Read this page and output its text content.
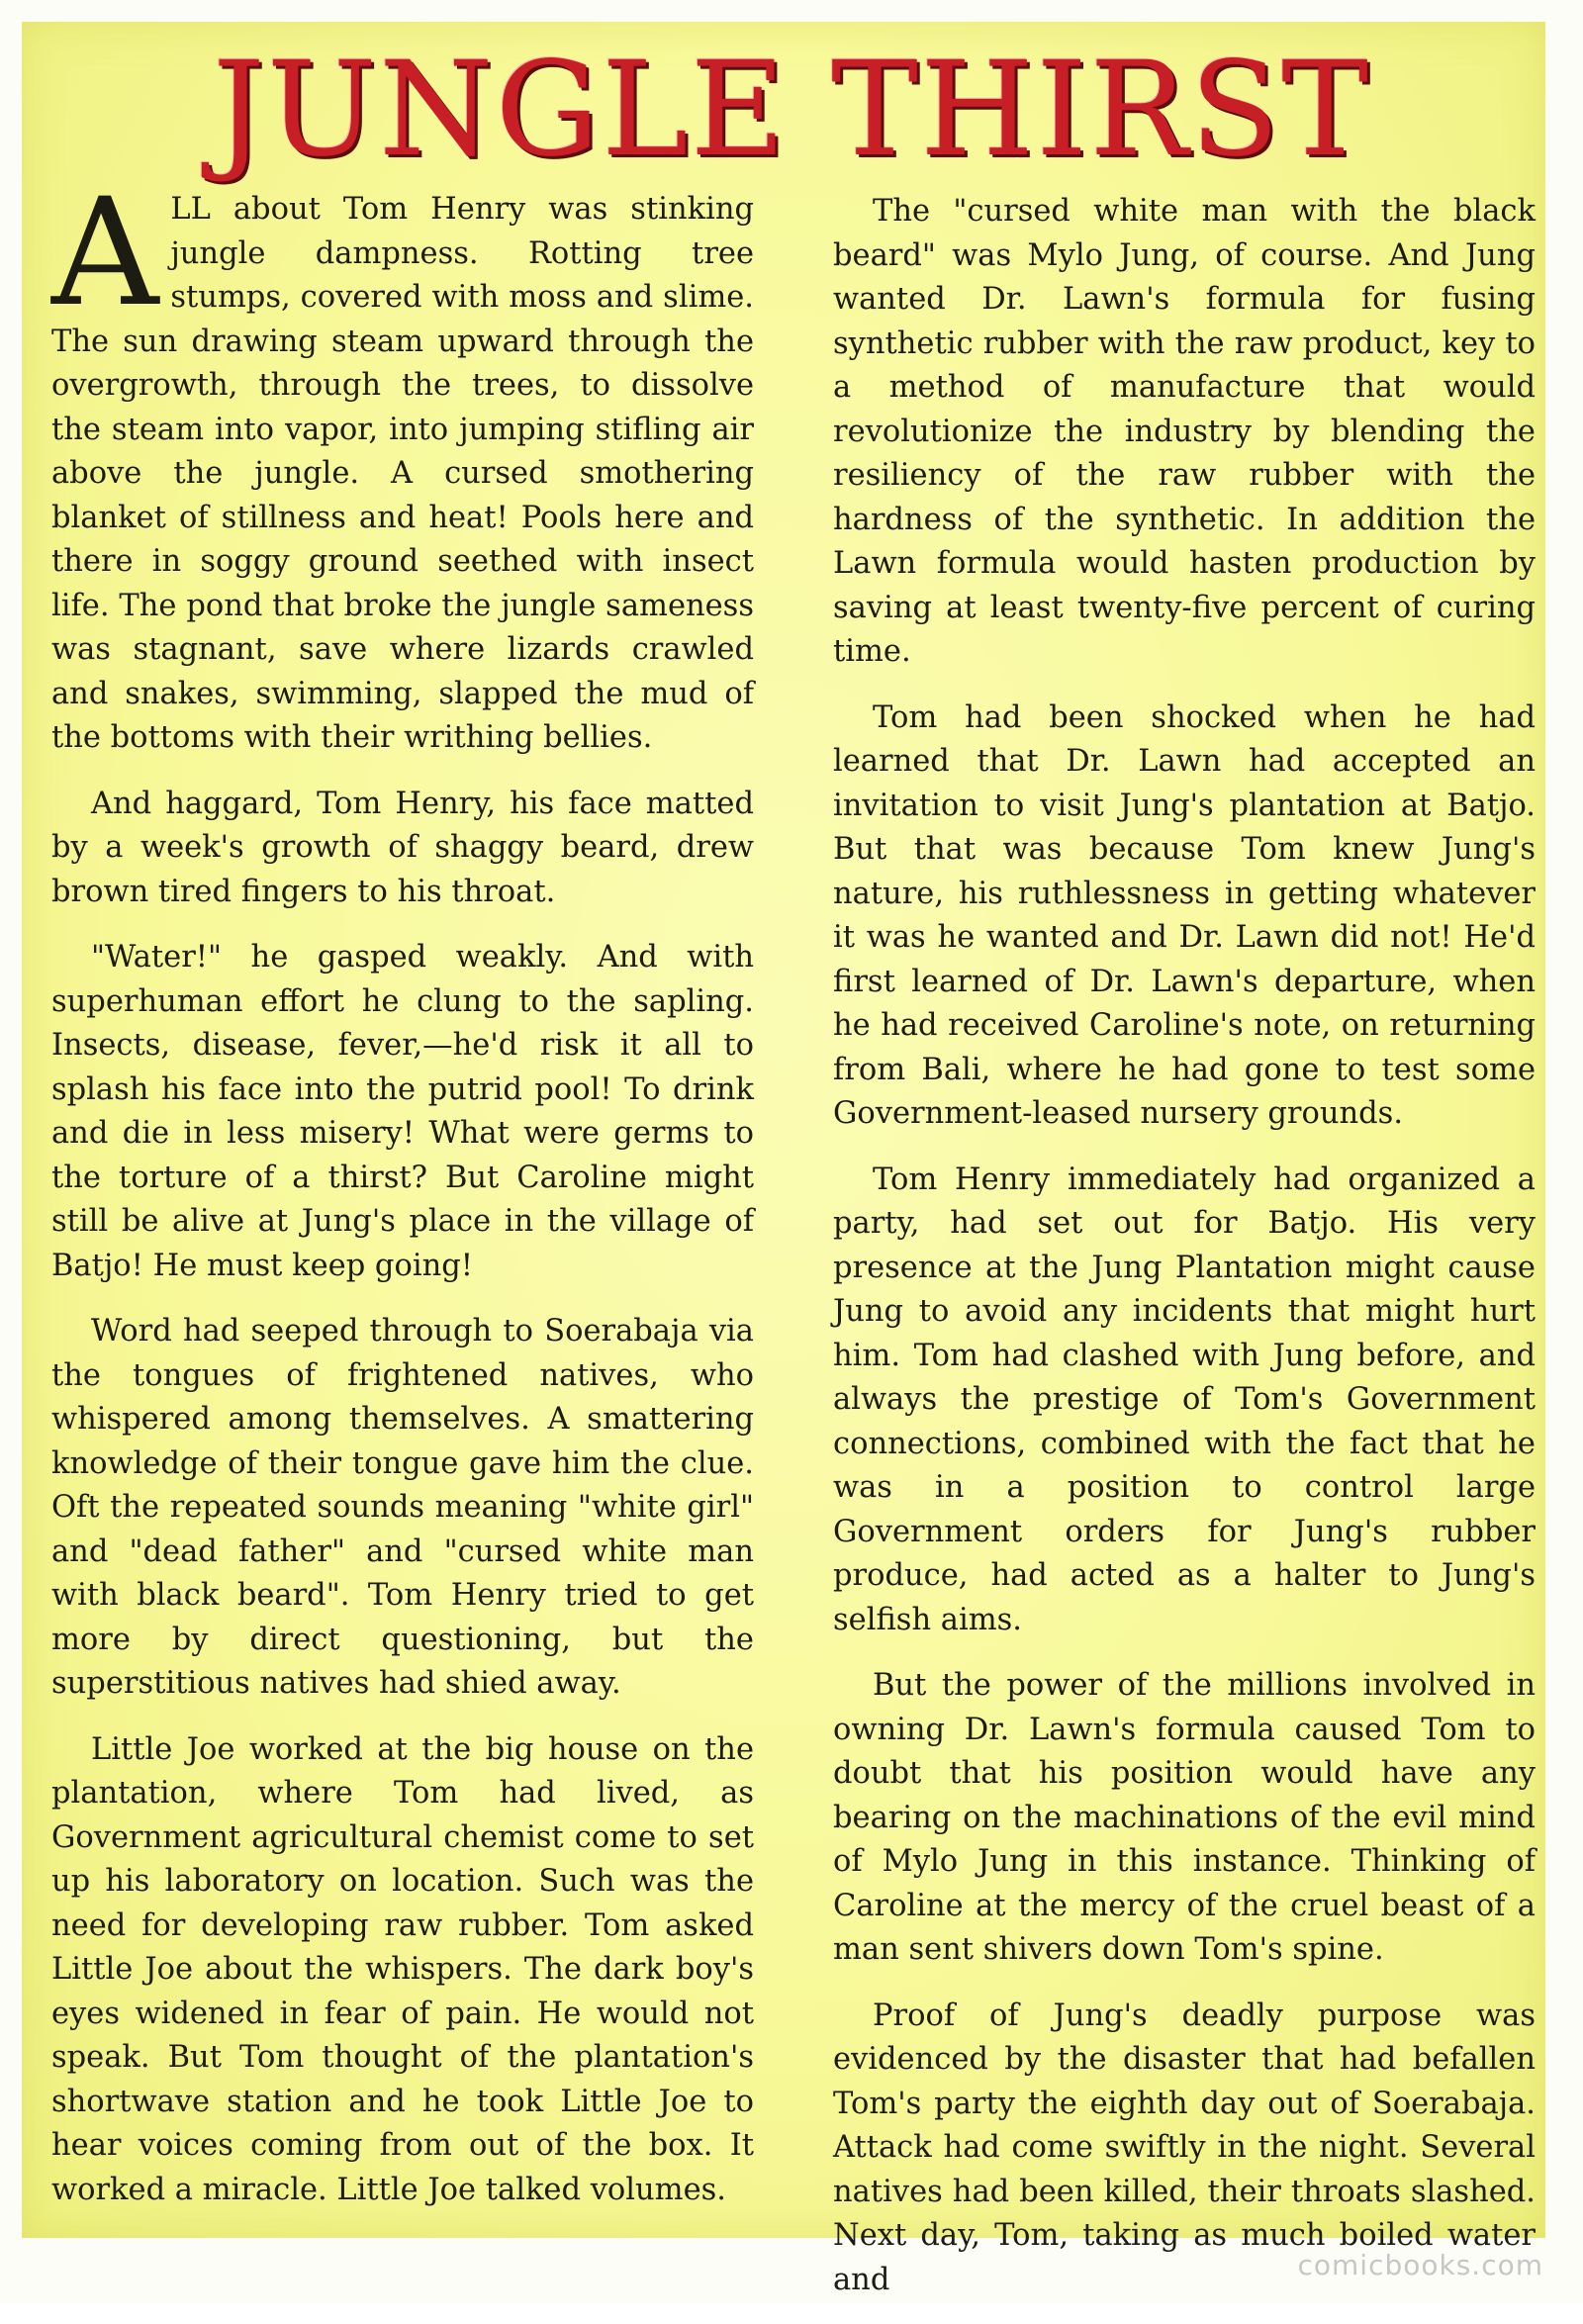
JUNGLE THIRST

ALL about Tom Henry was stinking jungle dampness. Rotting tree stumps, covered with moss and slime. The sun drawing steam upward through the overgrowth, through the trees, to dissolve the steam into vapor, into jumping stifling air above the jungle. A cursed smothering blanket of stillness and heat! Pools here and there in soggy ground seethed with insect life. The pond that broke the jungle sameness was stagnant, save where lizards crawled and snakes, swimming, slapped the mud of the bottoms with their writhing bellies.

And haggard, Tom Henry, his face matted by a week's growth of shaggy beard, drew brown tired fingers to his throat.

"Water!" he gasped weakly. And with superhuman effort he clung to the sapling. Insects, disease, fever,—he'd risk it all to splash his face into the putrid pool! To drink and die in less misery! What were germs to the torture of a thirst? But Caroline might still be alive at Jung's place in the village of Batjo! He must keep going!

Word had seeped through to Soerabaja via the tongues of frightened natives, who whispered among themselves. A smattering knowledge of their tongue gave him the clue. Oft the repeated sounds meaning "white girl" and "dead father" and "cursed white man with black beard". Tom Henry tried to get more by direct questioning, but the superstitious natives had shied away.

Little Joe worked at the big house on the plantation, where Tom had lived, as Government agricultural chemist come to set up his laboratory on location. Such was the need for developing raw rubber. Tom asked Little Joe about the whispers. The dark boy's eyes widened in fear of pain. He would not speak. But Tom thought of the plantation's shortwave station and he took Little Joe to hear voices coming from out of the box. It worked a miracle. Little Joe talked volumes.

The "cursed white man with the black beard" was Mylo Jung, of course. And Jung wanted Dr. Lawn's formula for fusing synthetic rubber with the raw product, key to a method of manufacture that would revolutionize the industry by blending the resiliency of the raw rubber with the hardness of the synthetic. In addition the Lawn formula would hasten production by saving at least twenty-five percent of curing time.

Tom had been shocked when he had learned that Dr. Lawn had accepted an invitation to visit Jung's plantation at Batjo. But that was because Tom knew Jung's nature, his ruthlessness in getting whatever it was he wanted and Dr. Lawn did not! He'd first learned of Dr. Lawn's departure, when he had received Caroline's note, on returning from Bali, where he had gone to test some Government-leased nursery grounds.

Tom Henry immediately had organized a party, had set out for Batjo. His very presence at the Jung Plantation might cause Jung to avoid any incidents that might hurt him. Tom had clashed with Jung before, and always the prestige of Tom's Government connections, combined with the fact that he was in a position to control large Government orders for Jung's rubber produce, had acted as a halter to Jung's selfish aims.

But the power of the millions involved in owning Dr. Lawn's formula caused Tom to doubt that his position would have any bearing on the machinations of the evil mind of Mylo Jung in this instance. Thinking of Caroline at the mercy of the cruel beast of a man sent shivers down Tom's spine.

Proof of Jung's deadly purpose was evidenced by the disaster that had befallen Tom's party the eighth day out of Soerabaja. Attack had come swiftly in the night. Several natives had been killed, their throats slashed. Next day, Tom, taking as much boiled water and	comicbooks.com
